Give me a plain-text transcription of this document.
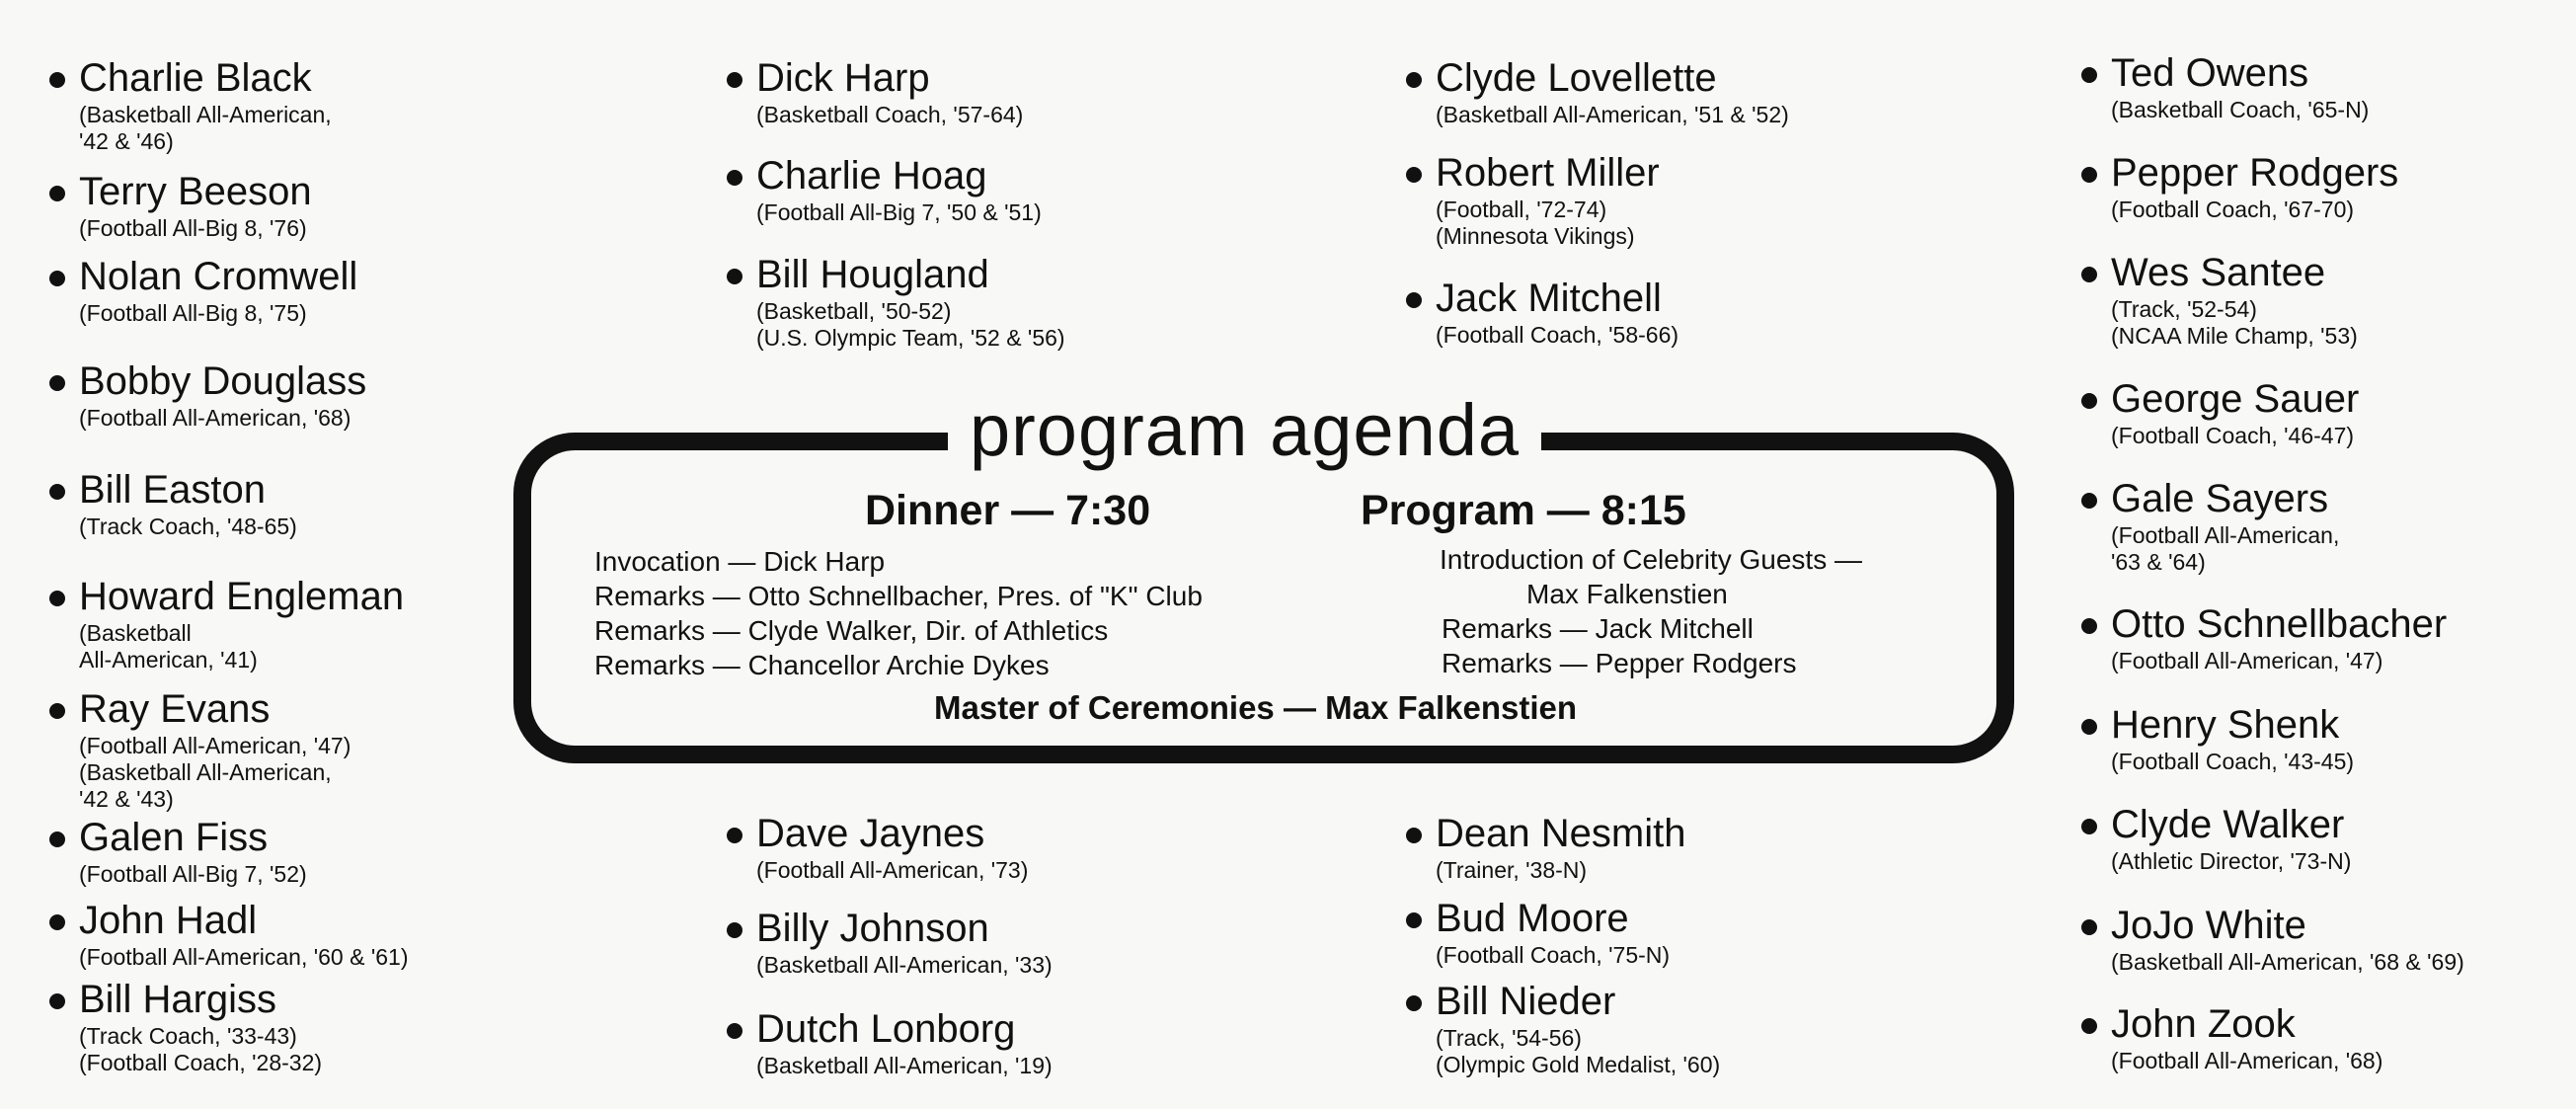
Charlie Black
(Basketball All-American,
'42 & '46)
Terry Beeson
(Football All-Big 8, '76)
Nolan Cromwell
(Football All-Big 8, '75)
Bobby Douglass
(Football All-American, '68)
Bill Easton
(Track Coach, '48-65)
Howard Engleman
(Basketball
All-American, '41)
Ray Evans
(Football All-American, '47)
(Basketball All-American,
'42 & '43)
Galen Fiss
(Football All-Big 7, '52)
John Hadl
(Football All-American, '60 & '61)
Bill Hargiss
(Track Coach, '33-43)
(Football Coach, '28-32)
Dick Harp
(Basketball Coach, '57-64)
Charlie Hoag
(Football All-Big 7, '50 & '51)
Bill Hougland
(Basketball, '50-52)
(U.S. Olympic Team, '52 & '56)
Dave Jaynes
(Football All-American, '73)
Billy Johnson
(Basketball All-American, '33)
Dutch Lonborg
(Basketball All-American, '19)
Clyde Lovellette
(Basketball All-American, '51 & '52)
Robert Miller
(Football, '72-74)
(Minnesota Vikings)
Jack Mitchell
(Football Coach, '58-66)
Dean Nesmith
(Trainer, '38-N)
Bud Moore
(Football Coach, '75-N)
Bill Nieder
(Track, '54-56)
(Olympic Gold Medalist, '60)
Ted Owens
(Basketball Coach, '65-N)
Pepper Rodgers
(Football Coach, '67-70)
Wes Santee
(Track, '52-54)
(NCAA Mile Champ, '53)
George Sauer
(Football Coach, '46-47)
Gale Sayers
(Football All-American,
'63 & '64)
Otto Schnellbacher
(Football All-American, '47)
Henry Shenk
(Football Coach, '43-45)
Clyde Walker
(Athletic Director, '73-N)
JoJo White
(Basketball All-American, '68 & '69)
John Zook
(Football All-American, '68)
program agenda
Dinner — 7:30	Program — 8:15
Invocation — Dick Harp
Remarks — Otto Schnellbacher, Pres. of "K" Club
Remarks — Clyde Walker, Dir. of Athletics
Remarks — Chancellor Archie Dykes
Introduction of Celebrity Guests —
Max Falkenstien
Remarks — Jack Mitchell
Remarks — Pepper Rodgers
Master of Ceremonies — Max Falkenstien
